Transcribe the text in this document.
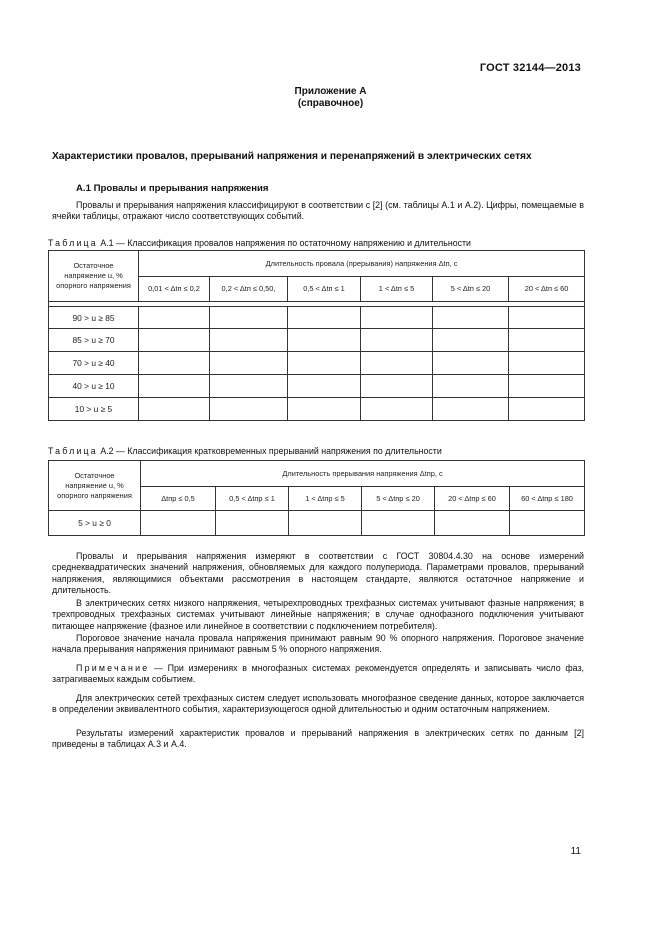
ГОСТ 32144—2013
Приложение А
(справочное)
Характеристики провалов, прерываний напряжения и перенапряжений в электрических сетях
А.1 Провалы и прерывания напряжения

Провалы и прерывания напряжения классифицируют в соответствии с [2] (см. таблицы А.1 и А.2). Цифры, помещаемые в ячейки таблицы, отражают число соответствующих событий.

Таблица А.1 — Классификация провалов напряжения по остаточному напряжению и длительности
Остаточное напряжение u, % опорного напряжения	Длительность провала (прерывания) напряжения Δtп, с					
	0,01 < Δtп ≤ 0,2	0,2 < Δtп ≤ 0,50,	0,5 < Δtп ≤ 1	1 < Δtп ≤ 5	5 < Δtп ≤ 20	20 < Δtп ≤ 60

90 > u ≥ 85						
85 > u ≥ 70						
70 > u ≥ 40						
40 > u ≥ 10						
10 > u ≥ 5						
Таблица А.2 — Классификация кратковременных прерываний напряжения по длительности
Остаточное напряжение u, % опорного напряжения	Длительность прерывания напряжения Δtпр, с					
	Δtпр ≤ 0,5	0,5 < Δtпр ≤ 1	1 < Δtпр ≤ 5	5 < Δtпр ≤ 20	20 < Δtпр ≤ 60	60 < Δtпр ≤ 180
5 > u ≥ 0						

Провалы и прерывания напряжения измеряют в соответствии с ГОСТ 30804.4.30 на основе измерений среднеквадратических значений напряжения, обновляемых для каждого полупериода. Параметрами провалов, прерываний напряжения, являющимися объектами рассмотрения в настоящем стандарте, являются остаточное напряжение и длительность.

В электрических сетях низкого напряжения, четырехпроводных трехфазных системах учитывают фазные напряжения; в трехпроводных трехфазных системах учитывают линейные напряжения; в случае однофазного подключения учитывают питающее напряжение (фазное или линейное в соответствии с подключением потребителя).

Пороговое значение начала провала напряжения принимают равным 90 % опорного напряжения. Пороговое значение начала прерывания напряжения принимают равным 5 % опорного напряжения.

Примечание — При измерениях в многофазных системах рекомендуется определять и записывать число фаз, затрагиваемых каждым событием.

Для электрических сетей трехфазных систем следует использовать многофазное сведение данных, которое заключается в определении эквивалентного события, характеризующегося одной длительностью и одним остаточным напряжением.

Результаты измерений характеристик провалов и прерываний напряжения в электрических сетях по данным [2] приведены в таблицах А.3 и А.4.

11
